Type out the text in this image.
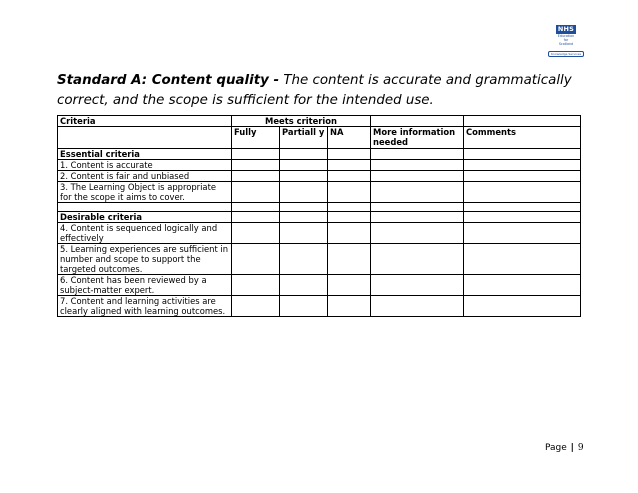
NHS
Education
for
Scotland
Knowledge Services
Standard A: Content quality - The content is accurate and grammatically correct, and the scope is sufficient for the intended use.
Criteria	Meets criterion				
	Fully	Partiall y	NA	More information needed	Comments
Essential criteria					
1. Content is accurate					
2. Content is fair and unbiased					
3. The Learning Object is appropriate for the scope it aims to cover.					

Desirable criteria					
4. Content is sequenced logically and effectively					
5. Learning experiences are sufficient in number and scope to support the targeted outcomes.					
6. Content has been reviewed by a subject-matter expert.					
7. Content and learning activities are clearly aligned with learning outcomes.					
Page | 9
